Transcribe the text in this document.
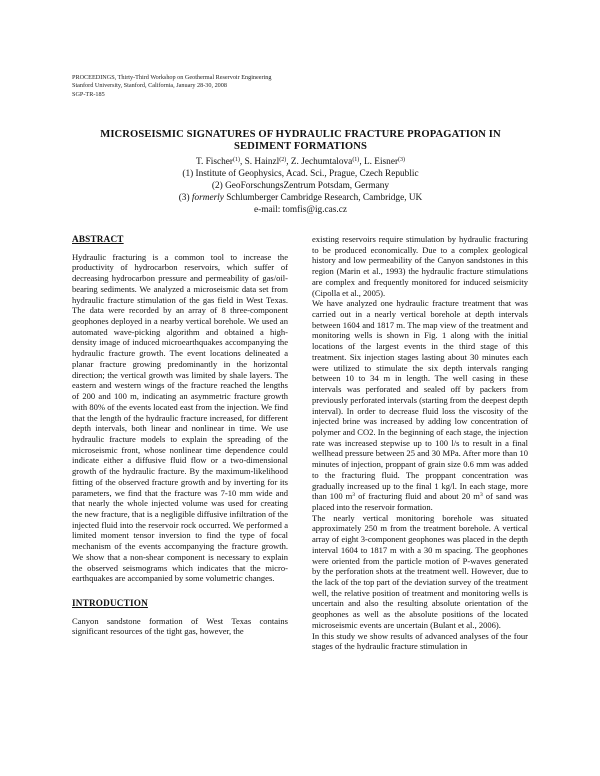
PROCEEDINGS, Thirty-Third Workshop on Geothermal Reservoir Engineering
Stanford University, Stanford, California, January 28-30, 2008
SGP-TR-185
MICROSEISMIC SIGNATURES OF HYDRAULIC FRACTURE PROPAGATION IN
SEDIMENT FORMATIONS
T. Fischer$^{(1)}$, S. Hainzl$^{(2)}$, Z. Jechumtalova$^{(1)}$, L. Eisner$^{(3)}$
(1) Institute of Geophysics, Acad. Sci., Prague, Czech Republic
(2) GeoForschungsZentrum Potsdam, Germany
(3) formerly Schlumberger Cambridge Research, Cambridge, UK
e-mail: tomfis@ig.cas.cz
ABSTRACT

Hydraulic fracturing is a common tool to increase the productivity of hydrocarbon reservoirs, which suffer of decreasing hydrocarbon pressure and permeability of gas/oil-bearing sediments. We analyzed a microseismic data set from hydraulic fracture stimulation of the gas field in West Texas. The data were recorded by an array of 8 three-component geophones deployed in a nearby vertical borehole. We used an automated wave-picking algorithm and obtained a high-density image of induced microearthquakes accompanying the hydraulic fracture growth. The event locations delineated a planar fracture growing predominantly in the horizontal direction; the vertical growth was limited by shale layers. The eastern and western wings of the fracture reached the lengths of 200 and 100 m, indicating an asymmetric fracture growth with 80% of the events located east from the injection. We find that the length of the hydraulic fracture increased, for different depth intervals, both linear and nonlinear in time. We use hydraulic fracture models to explain the spreading of the microseismic front, whose nonlinear time dependence could indicate either a diffusive fluid flow or a two-dimensional growth of the hydraulic fracture. By the maximum-likelihood fitting of the observed fracture growth and by inverting for its parameters, we find that the fracture was 7-10 mm wide and that nearly the whole injected volume was used for creating the new fracture, that is a negligible diffusive infiltration of the injected fluid into the reservoir rock occurred. We performed a limited moment tensor inversion to find the type of focal mechanism of the events accompanying the fracture growth. We show that a non-shear component is necessary to explain the observed seismograms which indicates that the micro-earthquakes are accompanied by some volumetric changes.

INTRODUCTION

Canyon sandstone formation of West Texas contains significant resources of the tight gas, however, the

existing reservoirs require stimulation by hydraulic fracturing to be produced economically. Due to a complex geological history and low permeability of the Canyon sandstones in this region (Marin et al., 1993) the hydraulic fracture stimulations are complex and frequently monitored for induced seismicity (Cipolla et al., 2005).

We have analyzed one hydraulic fracture treatment that was carried out in a nearly vertical borehole at depth intervals between 1604 and 1817 m. The map view of the treatment and monitoring wells is shown in Fig. 1 along with the initial locations of the largest events in the third stage of this treatment. Six injection stages lasting about 30 minutes each were utilized to stimulate the six depth intervals ranging between 10 to 34 m in length. The well casing in these intervals was perforated and sealed off by packers from previously perforated intervals (starting from the deepest depth interval). In order to decrease fluid loss the viscosity of the injected brine was increased by adding low concentration of polymer and CO2. In the beginning of each stage, the injection rate was increased stepwise up to 100 l/s to result in a final wellhead pressure between 25 and 30 MPa. After more than 10 minutes of injection, proppant of grain size 0.6 mm was added to the fracturing fluid. The proppant concentration was gradually increased up to the final 1 kg/l. In each stage, more than 100 $m^3$ of fracturing fluid and about 20 $m^3$ of sand was placed into the reservoir formation.

The nearly vertical monitoring borehole was situated approximately 250 m from the treatment borehole. A vertical array of eight 3-component geophones was placed in the depth interval 1604 to 1817 m with a 30 m spacing. The geophones were oriented from the particle motion of P-waves generated by the perforation shots at the treatment well. However, due to the lack of the top part of the deviation survey of the treatment well, the relative position of treatment and monitoring wells is uncertain and also the resulting absolute orientation of the geophones as well as the absolute positions of the located microseismic events are uncertain (Bulant et al., 2006).

In this study we show results of advanced analyses of the four stages of the hydraulic fracture stimulation in
